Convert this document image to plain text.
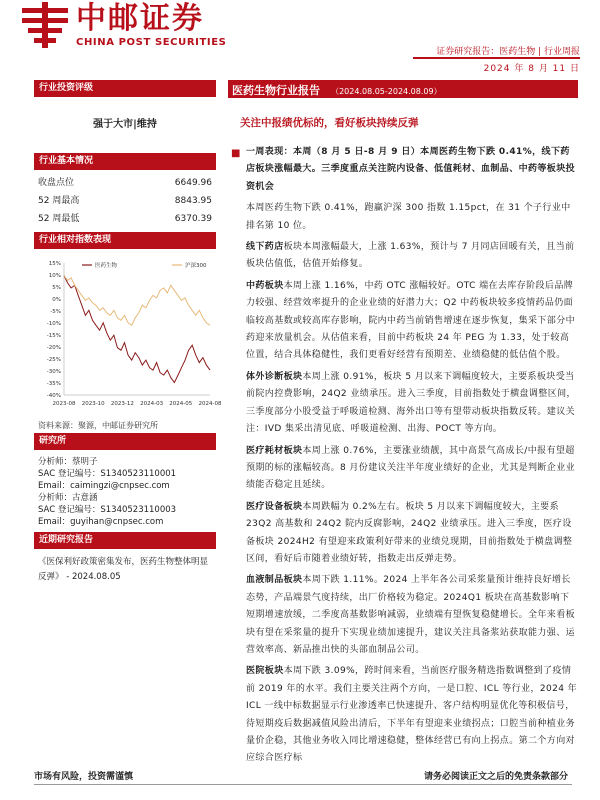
中邮证券
CHINA POST SECURITIES
证券研究报告：医药生物 | 行业周报
2024 年 8 月 11 日
行业投资评级
强于大市|维持
行业基本情况
收盘点位	6649.96
52 周最高	8843.95
52 周最低	6370.39
行业相对指数表现
15%
10%
5%
0%
-5%
-10%
-15%
-20%
-25%
-30%
-35%
-40%
2023-08 2023-10 2023-12 2024-03 2024-05 2024-08
医药生物	沪深300
资料来源：聚源，中邮证券研究所
研究所
分析师：蔡明子
SAC 登记编号：S1340523110001
Email：caimingzi@cnpsec.com
分析师：古意涵
SAC 登记编号：S1340523110003
Email：guyihan@cnpsec.com
近期研究报告
《医保利好政策密集发布，医药生物整体明显反弹》 - 2024.08.05
医药生物行业报告 （2024.08.05-2024.08.09）
关注中报绩优标的，看好板块持续反弹

■ 一周表现：本周（8 月 5 日-8 月 9 日）本周医药生物下跌 0.41%，线下药店板块涨幅最大。三季度重点关注院内设备、低值耗材、血制品、中药等板块投资机会

本周医药生物下跌 0.41%，跑赢沪深 300 指数 1.15pct，在 31 个子行业中排名第 10 位。

线下药店板块本周涨幅最大，上涨 1.63%，预计与 7 月同店回暖有关，且当前板块估值低，估值开始修复。

中药板块本周上涨 1.16%，中药 OTC 涨幅较好。OTC 端在去库存阶段后品牌力较强、经营效率提升的企业业绩的好潜力大；Q2 中药板块较多疫情药品仍面临较高基数或较高库存影响，院内中药当前销售增速在逐步恢复，集采下部分中药迎来放量机会。从估值来看，目前中药板块 24 年 PEG 为 1.33，处于较高位置，结合具体稳健性，我们更看好经营有预期差、业绩稳健的低估值个股。

体外诊断板块本周上涨 0.91%，板块 5 月以来下调幅度较大，主要系板块受当前院内控费影响，24Q2 业绩承压。进入三季度，目前指数处于横盘调整区间，三季度部分小股受益于呼吸道检测、海外出口等有望带动板块指数反转。建议关注：IVD 集采出清见底、呼吸道检测、出海、POCT 等方向。

医疗耗材板块本周上涨 0.76%，主要涨业绩靓，其中高景气高成长/中报有望超预期的标的涨幅较高。8 月份建议关注半年度业绩好的企业，尤其是判断企业业绩能否稳定且延续。

医疗设备板块本周跌幅为 0.2%左右。板块 5 月以来下调幅度较大，主要系 23Q2 高基数和 24Q2 院内反腐影响，24Q2 业绩承压。进入三季度，医疗设备板块 2024H2 有望迎来政策利好带来的业绩兑现期，目前指数处于横盘调整区间，看好后市随着业绩好转，指数走出反弹走势。

血液制品板块本周下跌 1.11%。2024 上半年各公司采浆量预计维持良好增长态势，产品端景气度持续，出厂价格较为稳定。2024Q1 板块在高基数影响下短期增速放缓，二季度高基数影响减弱，业绩端有望恢复稳健增长。全年来看板块有望在采浆量的提升下实现业绩加速提升，建议关注具备浆站获取能力强、运营效率高、新品推出快的头部血制品公司。

医院板块本周下跌 3.09%，跨时间来看，当前医疗服务精选指数调整到了疫情前 2019 年的水平。我们主要关注两个方向，一是口腔、ICL 等行业，2024 年 ICL 一线中标数据显示行业渗透率已快速提升、客户结构明显优化等积极信号，待短期疫后数据减值风险出清后，下半年有望迎来业绩拐点；口腔当前种植业务量价企稳，其他业务收入同比增速稳健，整体经营已有向上拐点。第二个方向对应综合医疗标

市场有风险，投资需谨慎	请务必阅读正文之后的免责条款部分
